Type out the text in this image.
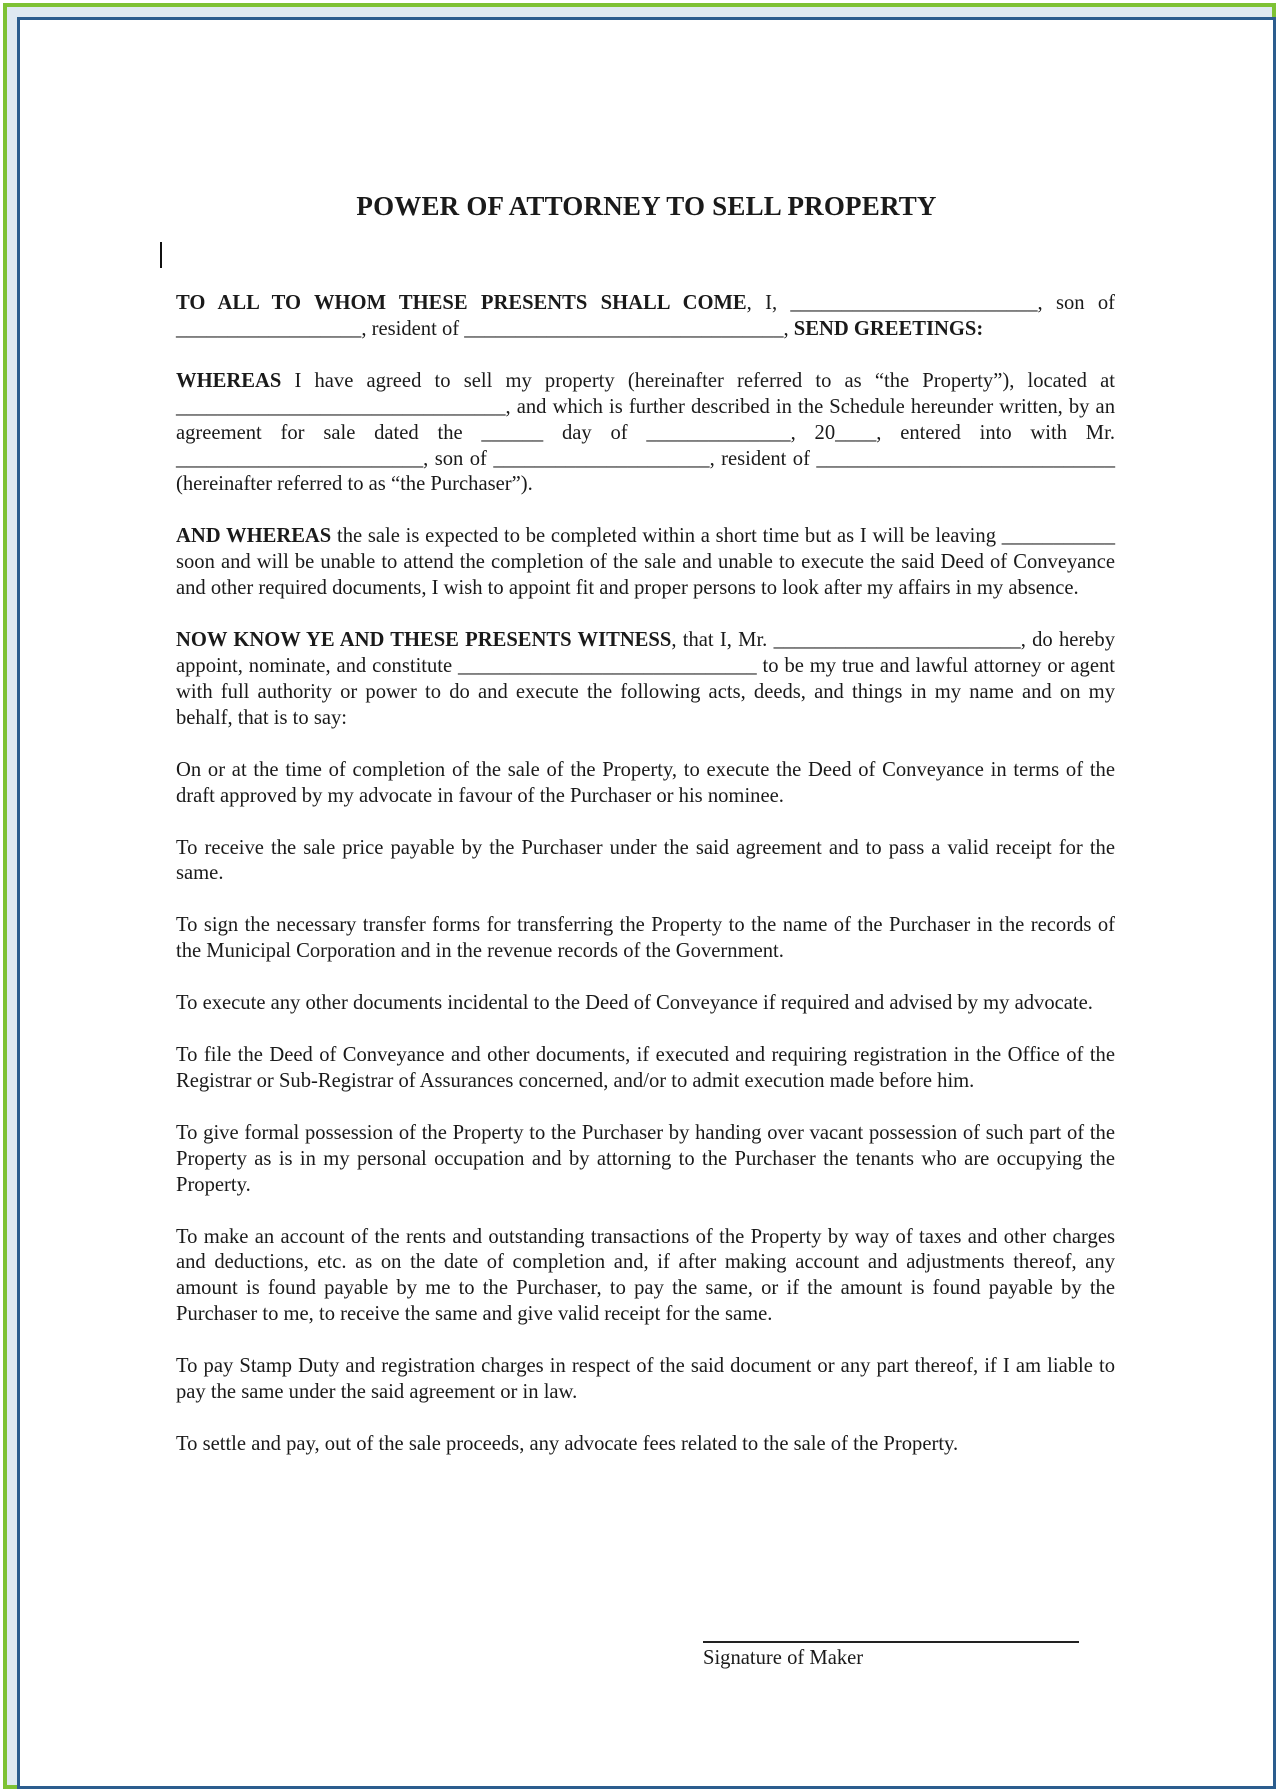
POWER OF ATTORNEY TO SELL PROPERTY

TO ALL TO WHOM THESE PRESENTS SHALL COME, I, ________________________, son of __________________, resident of _______________________________, SEND GREETINGS:

WHEREAS I have agreed to sell my property (hereinafter referred to as “the Property”), located at ________________________________, and which is further described in the Schedule hereunder written, by an agreement for sale dated the ______ day of ______________, 20____, entered into with Mr. ________________________, son of _____________________, resident of _____________________________ (hereinafter referred to as “the Purchaser”).

AND WHEREAS the sale is expected to be completed within a short time but as I will be leaving ___________ soon and will be unable to attend the completion of the sale and unable to execute the said Deed of Conveyance and other required documents, I wish to appoint fit and proper persons to look after my affairs in my absence.

NOW KNOW YE AND THESE PRESENTS WITNESS, that I, Mr. ________________________, do hereby appoint, nominate, and constitute _____________________________ to be my true and lawful attorney or agent with full authority or power to do and execute the following acts, deeds, and things in my name and on my behalf, that is to say:

On or at the time of completion of the sale of the Property, to execute the Deed of Conveyance in terms of the draft approved by my advocate in favour of the Purchaser or his nominee.

To receive the sale price payable by the Purchaser under the said agreement and to pass a valid receipt for the same.

To sign the necessary transfer forms for transferring the Property to the name of the Purchaser in the records of the Municipal Corporation and in the revenue records of the Government.

To execute any other documents incidental to the Deed of Conveyance if required and advised by my advocate.

To file the Deed of Conveyance and other documents, if executed and requiring registration in the Office of the Registrar or Sub-Registrar of Assurances concerned, and/or to admit execution made before him.

To give formal possession of the Property to the Purchaser by handing over vacant possession of such part of the Property as is in my personal occupation and by attorning to the Purchaser the tenants who are occupying the Property.

To make an account of the rents and outstanding transactions of the Property by way of taxes and other charges and deductions, etc. as on the date of completion and, if after making account and adjustments thereof, any amount is found payable by me to the Purchaser, to pay the same, or if the amount is found payable by the Purchaser to me, to receive the same and give valid receipt for the same.

To pay Stamp Duty and registration charges in respect of the said document or any part thereof, if I am liable to pay the same under the said agreement or in law.

To settle and pay, out of the sale proceeds, any advocate fees related to the sale of the Property.

Signature of Maker
